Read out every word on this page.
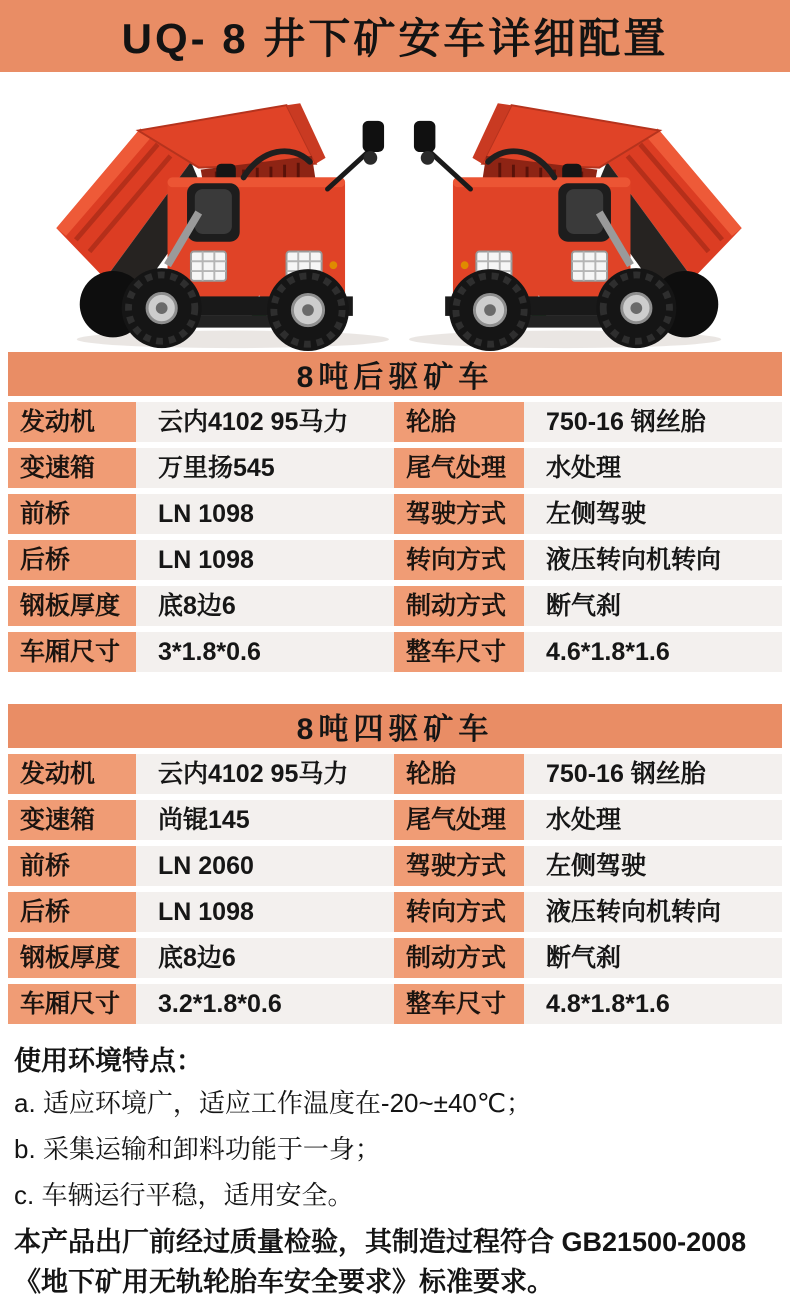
UQ- 8 井下矿安车详细配置
8吨后驱矿车
发动机	云内4102 95马力	轮胎	750-16 钢丝胎
变速箱	万里扬545	尾气处理	水处理
前桥	LN 1098	驾驶方式	左侧驾驶
后桥	LN 1098	转向方式	液压转向机转向
钢板厚度	底8边6	制动方式	断气刹
车厢尺寸	3*1.8*0.6	整车尺寸	4.6*1.8*1.6
8吨四驱矿车
发动机	云内4102 95马力	轮胎	750-16 钢丝胎
变速箱	尚锟145	尾气处理	水处理
前桥	LN 2060	驾驶方式	左侧驾驶
后桥	LN 1098	转向方式	液压转向机转向
钢板厚度	底8边6	制动方式	断气刹
车厢尺寸	3.2*1.8*0.6	整车尺寸	4.8*1.8*1.6
使用环境特点：
a. 适应环境广，适应工作温度在-20~±40℃；
b. 采集运输和卸料功能于一身；
c. 车辆运行平稳，适用安全。
本产品出厂前经过质量检验，其制造过程符合 GB21500-2008
《地下矿用无轨轮胎车安全要求》标准要求。
